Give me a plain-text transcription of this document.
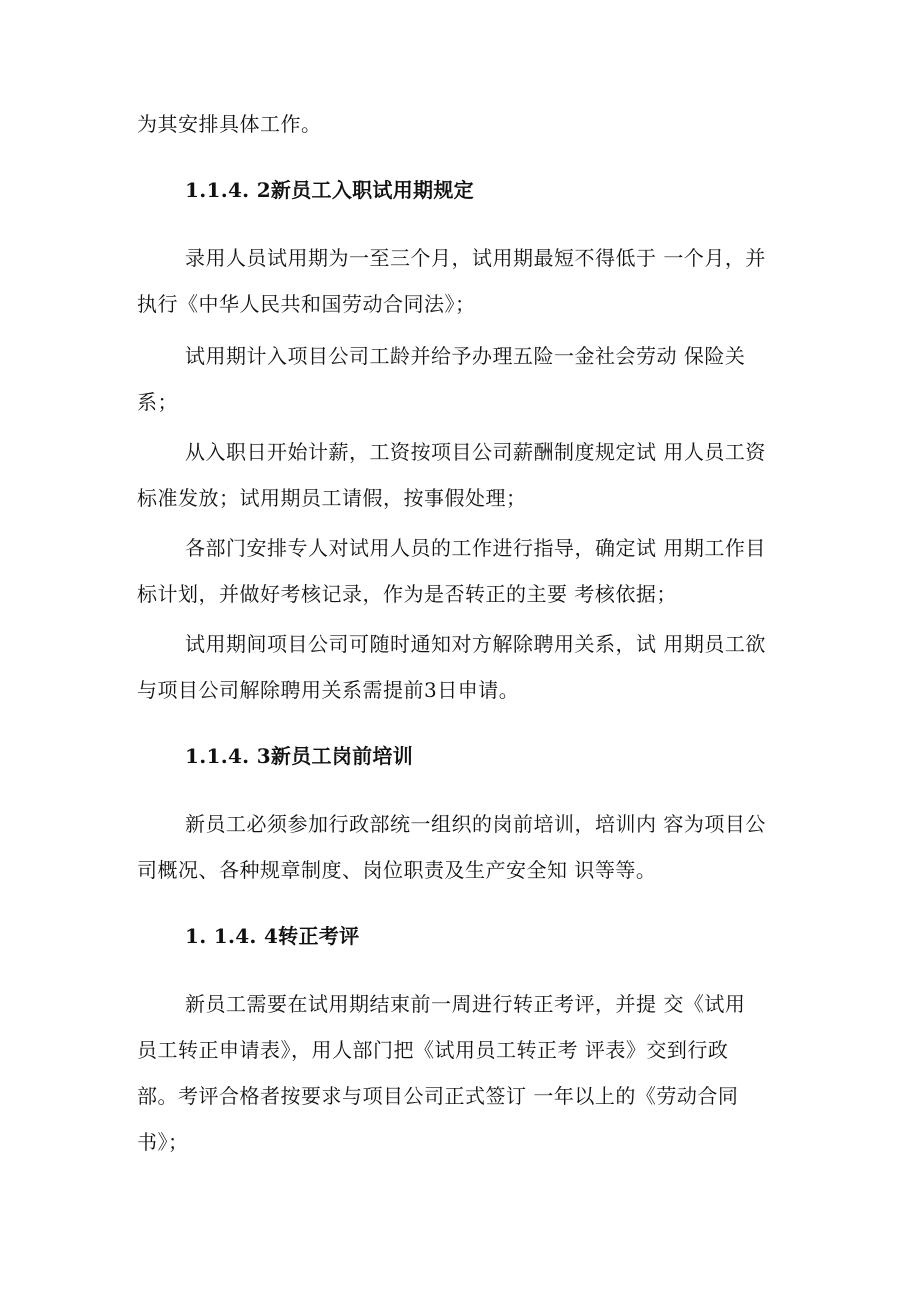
为其安排具体工作。
1.1.4. 2新员工入职试用期规定
录用人员试用期为一至三个月，试用期最短不得低于 一个月，并
执行《中华人民共和国劳动合同法》；
试用期计入项目公司工龄并给予办理五险一金社会劳动 保险关
系；
从入职日开始计薪，工资按项目公司薪酬制度规定试 用人员工资
标准发放；试用期员工请假，按事假处理；
各部门安排专人对试用人员的工作进行指导，确定试 用期工作目
标计划，并做好考核记录，作为是否转正的主要 考核依据；
试用期间项目公司可随时通知对方解除聘用关系，试 用期员工欲
与项目公司解除聘用关系需提前3日申请。
1.1.4. 3新员工岗前培训
新员工必须参加行政部统一组织的岗前培训，培训内 容为项目公
司概况、各种规章制度、岗位职责及生产安全知 识等等。
1. 1.4. 4转正考评
新员工需要在试用期结束前一周进行转正考评，并提 交《试用
员工转正申请表》，用人部门把《试用员工转正考 评表》交到行政
部。考评合格者按要求与项目公司正式签订 一年以上的《劳动合同
书》；
